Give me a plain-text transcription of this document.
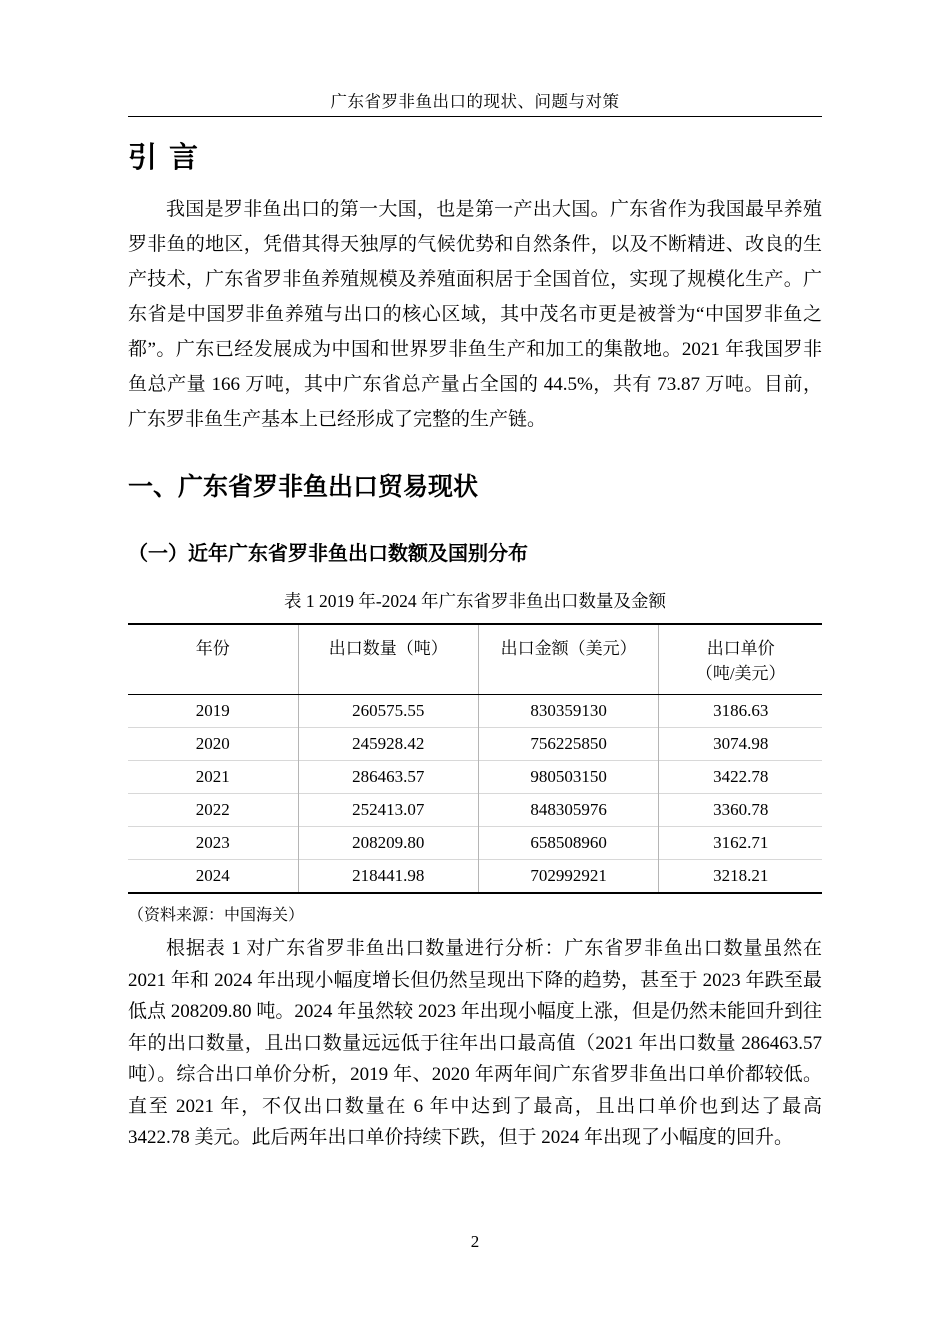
广东省罗非鱼出口的现状、问题与对策
引 言

我国是罗非鱼出口的第一大国，也是第一产出大国。广东省作为我国最早养殖罗非鱼的地区，凭借其得天独厚的气候优势和自然条件，以及不断精进、改良的生产技术，广东省罗非鱼养殖规模及养殖面积居于全国首位，实现了规模化生产。广东省是中国罗非鱼养殖与出口的核心区域，其中茂名市更是被誉为“中国罗非鱼之都”。广东已经发展成为中国和世界罗非鱼生产和加工的集散地。2021 年我国罗非鱼总产量 166 万吨，其中广东省总产量占全国的 44.5%，共有 73.87 万吨。目前，广东罗非鱼生产基本上已经形成了完整的生产链。

一、广东省罗非鱼出口贸易现状
（一）近年广东省罗非鱼出口数额及国别分布
表 1 2019 年-2024 年广东省罗非鱼出口数量及金额
年份	出口数量（吨）	出口金额（美元）	出口单价
（吨/美元）

2019	260575.55	830359130	3186.63
2020	245928.42	756225850	3074.98
2021	286463.57	980503150	3422.78
2022	252413.07	848305976	3360.78
2023	208209.80	658508960	3162.71
2024	218441.98	702992921	3218.21
（资料来源：中国海关）

根据表 1 对广东省罗非鱼出口数量进行分析：广东省罗非鱼出口数量虽然在 2021 年和 2024 年出现小幅度增长但仍然呈现出下降的趋势，甚至于 2023 年跌至最低点 208209.80 吨。2024 年虽然较 2023 年出现小幅度上涨，但是仍然未能回升到往年的出口数量，且出口数量远远低于往年出口最高值（2021 年出口数量 286463.57 吨）。综合出口单价分析，2019 年、2020 年两年间广东省罗非鱼出口单价都较低。直至 2021 年，不仅出口数量在 6 年中达到了最高，且出口单价也到达了最高 3422.78 美元。此后两年出口单价持续下跌，但于 2024 年出现了小幅度的回升。

2
